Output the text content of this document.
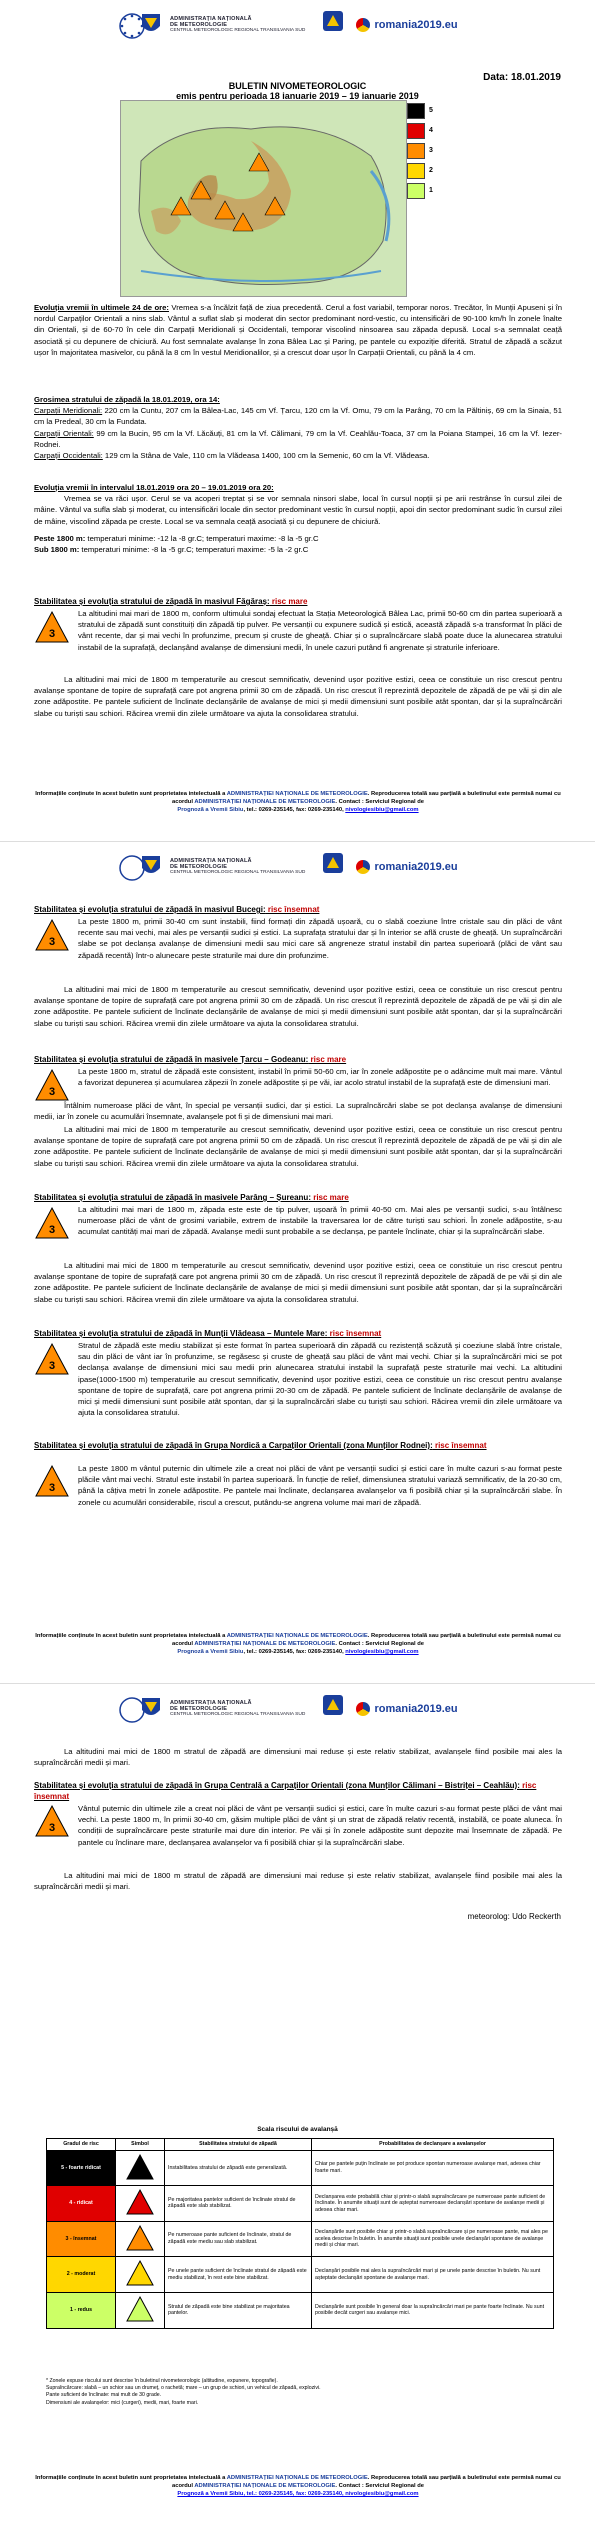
ADMINISTRAȚIA NAȚIONALĂ
DE METEOROLOGIE
CENTRUL METEOROLOGIC REGIONAL TRANSILVANIA SUD	romania2019.eu
Data: 18.01.2019
BULETIN NIVOMETEOROLOGIC
emis pentru perioada 18 ianuarie 2019 – 19 ianuarie 2019
5
4
3
2
1
Evoluția vremii în ultimele 24 de ore: Vremea s-a încălzit față de ziua precedentă. Cerul a fost variabil, temporar noros. Trecător, în Munții Apuseni și în nordul Carpaților Orientali a nins slab. Vântul a suflat slab și moderat din sector predominant nord-vestic, cu intensificări de 90-100 km/h în zonele înalte din Orientali, și de 60-70 în cele din Carpații Meridionali și Occidentali, temporar viscolind ninsoarea sau zăpada depusă. Local s-a semnalat ceață asociată și cu depunere de chiciură. Au fost semnalate avalanșe în zona Bâlea Lac și Paring, pe pantele cu expoziție diferită. Stratul de zăpadă a scăzut ușor în majoritatea masivelor, cu până la 8 cm în vestul Meridionalilor, și a crescut doar ușor în Carpații Orientali, cu până la 4 cm.
Grosimea stratului de zăpadă la 18.01.2019, ora 14:
Carpații Meridionali: 220 cm la Cuntu, 207 cm la Bâlea-Lac, 145 cm Vf. Țarcu, 120 cm la Vf. Omu, 79 cm la Parâng, 70 cm la Păltiniș, 69 cm la Sinaia, 51 cm la Predeal, 30 cm la Fundata.
Carpații Orientali: 99 cm la Bucin, 95 cm la Vf. Lăcăuți, 81 cm la Vf. Călimani, 79 cm la Vf. Ceahlău-Toaca, 37 cm la Poiana Stampei, 16 cm la Vf. Iezer-Rodnei.
Carpații Occidentali: 129 cm la Stâna de Vale, 110 cm la Vlădeasa 1400, 100 cm la Semenic, 60 cm la Vf. Vlădeasa.
Evoluția vremii în intervalul 18.01.2019 ora 20 – 19.01.2019 ora 20:
Vremea se va răci ușor. Cerul se va acoperi treptat și se vor semnala ninsori slabe, local în cursul nopții și pe arii restrânse în cursul zilei de mâine. Vântul va sufla slab și moderat, cu intensificări locale din sector predominant vestic în cursul nopții, apoi din sector predominant sudic în cursul zilei de mâine, viscolind zăpada pe creste. Local se va semnala ceață asociată și cu depunere de chiciură.
Peste 1800 m: temperaturi minime: -12 la -8 gr.C; temperaturi maxime: -8 la -5 gr.C
Sub 1800 m: temperaturi minime: -8 la -5 gr.C; temperaturi maxime: -5 la -2 gr.C
Stabilitatea și evoluția stratului de zăpadă în masivul Făgăraș: risc mare
3
La altitudini mai mari de 1800 m, conform ultimului sondaj efectuat la Stația Meteorologică Bâlea Lac, primii 50-60 cm din partea superioară a stratului de zăpadă sunt constituiți din zăpadă tip pulver. Pe versanții cu expunere sudică și estică, această zăpadă s-a transformat în plăci de vânt recente, dar și mai vechi în profunzime, precum și cruste de gheață. Chiar și o supraîncărcare slabă poate duce la alunecarea stratului instabil de la suprafață, declanșând avalanșe de dimensiuni medii, în unele cazuri putând fi angrenate și straturile inferioare.
La altitudini mai mici de 1800 m temperaturile au crescut semnificativ, devenind ușor pozitive estizi, ceea ce constituie un risc crescut pentru avalanșe spontane de topire de suprafață care pot angrena primii 30 cm de zăpadă. Un risc crescut îl reprezintă depozitele de zăpadă de pe văi și din ale zone adăpostite. Pe pantele suficient de înclinate declanșările de avalanșe de mici și medii dimensiuni sunt posibile atât spontan, dar și la supraîncărcări slabe cu turiști sau schiori. Răcirea vremii din zilele următoare va ajuta la consolidarea stratului.
Informațiile conținute în acest buletin sunt proprietatea intelectuală a ADMINISTRAȚIEI NAȚIONALE DE METEOROLOGIE. Reproducerea totală sau parțială a buletinului este permisă numai cu acordul ADMINISTRAȚIEI NAȚIONALE DE METEOROLOGIE. Contact : Serviciul Regional de
Prognoză a Vremii Sibiu, tel.: 0269-235145, fax: 0269-235140, nivologiesibiu@gmail.com
ADMINISTRAȚIA NAȚIONALĂ
DE METEOROLOGIE
CENTRUL METEOROLOGIC REGIONAL TRANSILVANIA SUD	romania2019.eu
Stabilitatea și evoluția stratului de zăpadă în masivul Bucegi: risc însemnat
3
La peste 1800 m, primii 30-40 cm sunt instabili, fiind formați din zăpadă ușoară, cu o slabă coeziune între cristale sau din plăci de vânt recente sau mai vechi, mai ales pe versanții sudici și estici. La suprafața stratului dar și în interior se află cruste de gheață. Un supraîncărcări slabe se pot declanșa avalanșe de dimensiuni medii sau mici care să angreneze stratul instabil din partea superioară (plăci de vânt sau zăpadă recentă) într-o alunecare peste straturile mai dure din profunzime.
La altitudini mai mici de 1800 m temperaturile au crescut semnificativ, devenind ușor pozitive estizi, ceea ce constituie un risc crescut pentru avalanșe spontane de topire de suprafață care pot angrena primii 30 cm de zăpadă. Un risc crescut îl reprezintă depozitele de zăpadă de pe văi și din ale zone adăpostite. Pe pantele suficient de înclinate declanșările de avalanșe de mici și medii dimensiuni sunt posibile atât spontan, dar și la supraîncărcări slabe cu turiști sau schiori. Răcirea vremii din zilele următoare va ajuta la consolidarea stratului.
Stabilitatea și evoluția stratului de zăpadă în masivele Țarcu – Godeanu: risc mare
3
La peste 1800 m, stratul de zăpadă este consistent, instabil în primii 50-60 cm, iar în zonele adăpostite pe o adâncime mult mai mare. Vântul a favorizat depunerea și acumularea zăpezii în zonele adăpostite și pe văi, iar acolo stratul instabil de la suprafață este de dimensiuni mari.
Întâlnim numeroase plăci de vânt, în special pe versanții sudici, dar și estici. La supraîncărcări slabe se pot declanșa avalanșe de dimensiuni medii, iar în zonele cu acumulări însemnate, avalanșele pot fi și de dimensiuni mai mari.
La altitudini mai mici de 1800 m temperaturile au crescut semnificativ, devenind ușor pozitive estizi, ceea ce constituie un risc crescut pentru avalanșe spontane de topire de suprafață care pot angrena primii 50 cm de zăpadă. Un risc crescut îl reprezintă depozitele de zăpadă de pe văi și din ale zone adăpostite. Pe pantele suficient de înclinate declanșările de avalanșe de mici și medii dimensiuni sunt posibile atât spontan, dar și la supraîncărcări slabe cu turiști sau schiori. Răcirea vremii din zilele următoare va ajuta la consolidarea stratului.
Stabilitatea și evoluția stratului de zăpadă în masivele Parâng – Șureanu: risc mare
3
La altitudini mai mari de 1800 m, zăpada este este de tip pulver, ușoară în primii 40-50 cm. Mai ales pe versanții sudici, s-au întâlnesc numeroase plăci de vânt de grosimi variabile, extrem de instabile la traversarea lor de către turiști sau schiori. În zonele adăpostite, s-au acumulat cantități mai mari de zăpadă. Avalanșe medii sunt probabile a se declanșa, pe pantele înclinate, chiar și la supraîncărcări slabe.
La altitudini mai mici de 1800 m temperaturile au crescut semnificativ, devenind ușor pozitive estizi, ceea ce constituie un risc crescut pentru avalanșe spontane de topire de suprafață care pot angrena primii 30 cm de zăpadă. Un risc crescut îl reprezintă depozitele de zăpadă de pe văi și din ale zone adăpostite. Pe pantele suficient de înclinate declanșările de avalanșe de mici și medii dimensiuni sunt posibile atât spontan, dar și la supraîncărcări slabe cu turiști sau schiori. Răcirea vremii din zilele următoare va ajuta la consolidarea stratului.
Stabilitatea și evoluția stratului de zăpadă în Munții Vlădeasa – Muntele Mare: risc însemnat
3
Stratul de zăpadă este mediu stabilizat și este format în partea superioară din zăpadă cu rezistență scăzută și coeziune slabă între cristale, sau din plăci de vânt iar în profunzime, se regăsesc și cruste de gheață sau plăci de vânt mai vechi. Chiar și la supraîncărcări mici se pot declanșa avalanșe de dimensiuni mici sau medii prin alunecarea stratului instabil la suprafață peste straturile mai vechi. La altitudini ipase(1000-1500 m) temperaturile au crescut semnificativ, devenind ușor pozitive estizi, ceea ce constituie un risc crescut pentru avalanșe spontane de topire de suprafață, care pot angrena primii 20-30 cm de zăpadă. Pe pantele suficient de înclinate declanșările de avalanșe de mici și medii dimensiuni sunt posibile atât spontan, dar și la supraîncărcări slabe cu turiști sau schiori. Răcirea vremii din zilele următoare va ajuta la consolidarea stratului.
Stabilitatea și evoluția stratului de zăpadă în Grupa Nordică a Carpaților Orientali (zona Munților Rodnei): risc însemnat
3
La peste 1800 m vântul puternic din ultimele zile a creat noi plăci de vânt pe versanții sudici și estici care în multe cazuri s-au format peste plăcile vânt mai vechi. Stratul este instabil în partea superioară. În funcție de relief, dimensiunea stratului variază semnificativ, de la 20-30 cm, până la câțiva metri în zonele adăpostite. Pe pantele mai înclinate, declanșarea avalanșelor va fi posibilă chiar și la supraîncărcări slabe. În zonele cu acumulări considerabile, riscul a crescut, putându-se angrena volume mai mari de zăpadă.
Informațiile conținute în acest buletin sunt proprietatea intelectuală a ADMINISTRAȚIEI NAȚIONALE DE METEOROLOGIE. Reproducerea totală sau parțială a buletinului este permisă numai cu acordul ADMINISTRAȚIEI NAȚIONALE DE METEOROLOGIE. Contact : Serviciul Regional de
Prognoză a Vremii Sibiu, tel.: 0269-235145, fax: 0269-235140, nivologiesibiu@gmail.com
ADMINISTRAȚIA NAȚIONALĂ
DE METEOROLOGIE
CENTRUL METEOROLOGIC REGIONAL TRANSILVANIA SUD	romania2019.eu
La altitudini mai mici de 1800 m stratul de zăpadă are dimensiuni mai reduse și este relativ stabilizat, avalanșele fiind posibile mai ales la supraîncărcări medii și mari.
Stabilitatea și evoluția stratului de zăpadă în Grupa Centrală a Carpaților Orientali (zona Munților Călimani – Bistriței – Ceahlău): risc însemnat
3
Vântul puternic din ultimele zile a creat noi plăci de vânt pe versanții sudici și estici, care în multe cazuri s-au format peste plăci de vânt mai vechi. La peste 1800 m, în primii 30-40 cm, găsim multiple plăci de vânt și un strat de zăpadă relativ recentă, instabilă, ce poate aluneca. În condiții de supraîncărcare peste straturile mai dure din interior. Pe văi și în zonele adăpostite sunt depozite mai însemnate de zăpadă. Pe pantele cu înclinare mare, declanșarea avalanșelor va fi posibilă chiar și la supraîncărcări slabe.
La altitudini mai mici de 1800 m stratul de zăpadă are dimensiuni mai reduse și este relativ stabilizat, avalanșele fiind posibile mai ales la supraîncărcări medii și mari.
meteorolog: Udo Reckerth
Informațiile conținute în acest buletin sunt proprietatea intelectuală a ADMINISTRAȚIEI NAȚIONALE DE METEOROLOGIE. Reproducerea totală sau parțială a buletinului este permisă numai cu acordul ADMINISTRAȚIEI NAȚIONALE DE METEOROLOGIE. Contact : Serviciul Regional de
Prognoză a Vremii Sibiu, tel.: 0269-235145, fax: 0269-235140, nivologiesibiu@gmail.com
Scala riscului de avalanșă
Gradul de risc	Simbol	Stabilitatea stratului de zăpadă	Probabilitatea de declanșare a avalanșelor
5 - foarte ridicat		Instabilitatea stratului de zăpadă este generalizată.	Chiar pe pantele puțin înclinate se pot produce spontan numeroase avalanșe mari, adesea chiar foarte mari.
4 - ridicat		Pe majoritatea pantelor suficient de înclinate stratul de zăpadă este slab stabilizat.	Declanșarea este probabilă chiar și printr-o slabă supraîncărcare pe numeroase pante suficient de înclinate. În anumite situații sunt de așteptat numeroase declanșări spontane de avalanșe medii și adesea chiar mari.
3 - însemnat		Pe numeroase pante suficient de înclinate, stratul de zăpadă este mediu sau slab stabilizat.	Declanșările sunt posibile chiar și printr-o slabă supraîncărcare și pe numeroase pante, mai ales pe acelea descrise în buletin. În anumite situații sunt posibile unele declanșări spontane de avalanșe medii și chiar mari.
2 - moderat		Pe unele pante suficient de înclinate stratul de zăpadă este mediu stabilizat, în rest este bine stabilizat.	Declanșări posibile mai ales la supraîncărcări mari și pe unele pante descrise în buletin. Nu sunt așteptate declanșări spontane de avalanșe mari.
1 - redus		Stratul de zăpadă este bine stabilizat pe majoritatea pantelor.	Declanșările sunt posibile în general doar la supraîncărcări mari pe pante foarte înclinate. Nu sunt posibile decât curgeri sau avalanșe mici.
* Zonele expuse riscului sunt descrise în buletinul nivometeorologic (altitudine, expunere, topografie).
Supraîncărcare: slabă – un schior sau un drumeț, o rachetă; mare – un grup de schiori, un vehicul de zăpadă, explozivi.
Pante suficient de înclinate: mai mult de 30 grade.
Dimensiuni ale avalanșelor: mici (curgeri), medii, mari, foarte mari.
